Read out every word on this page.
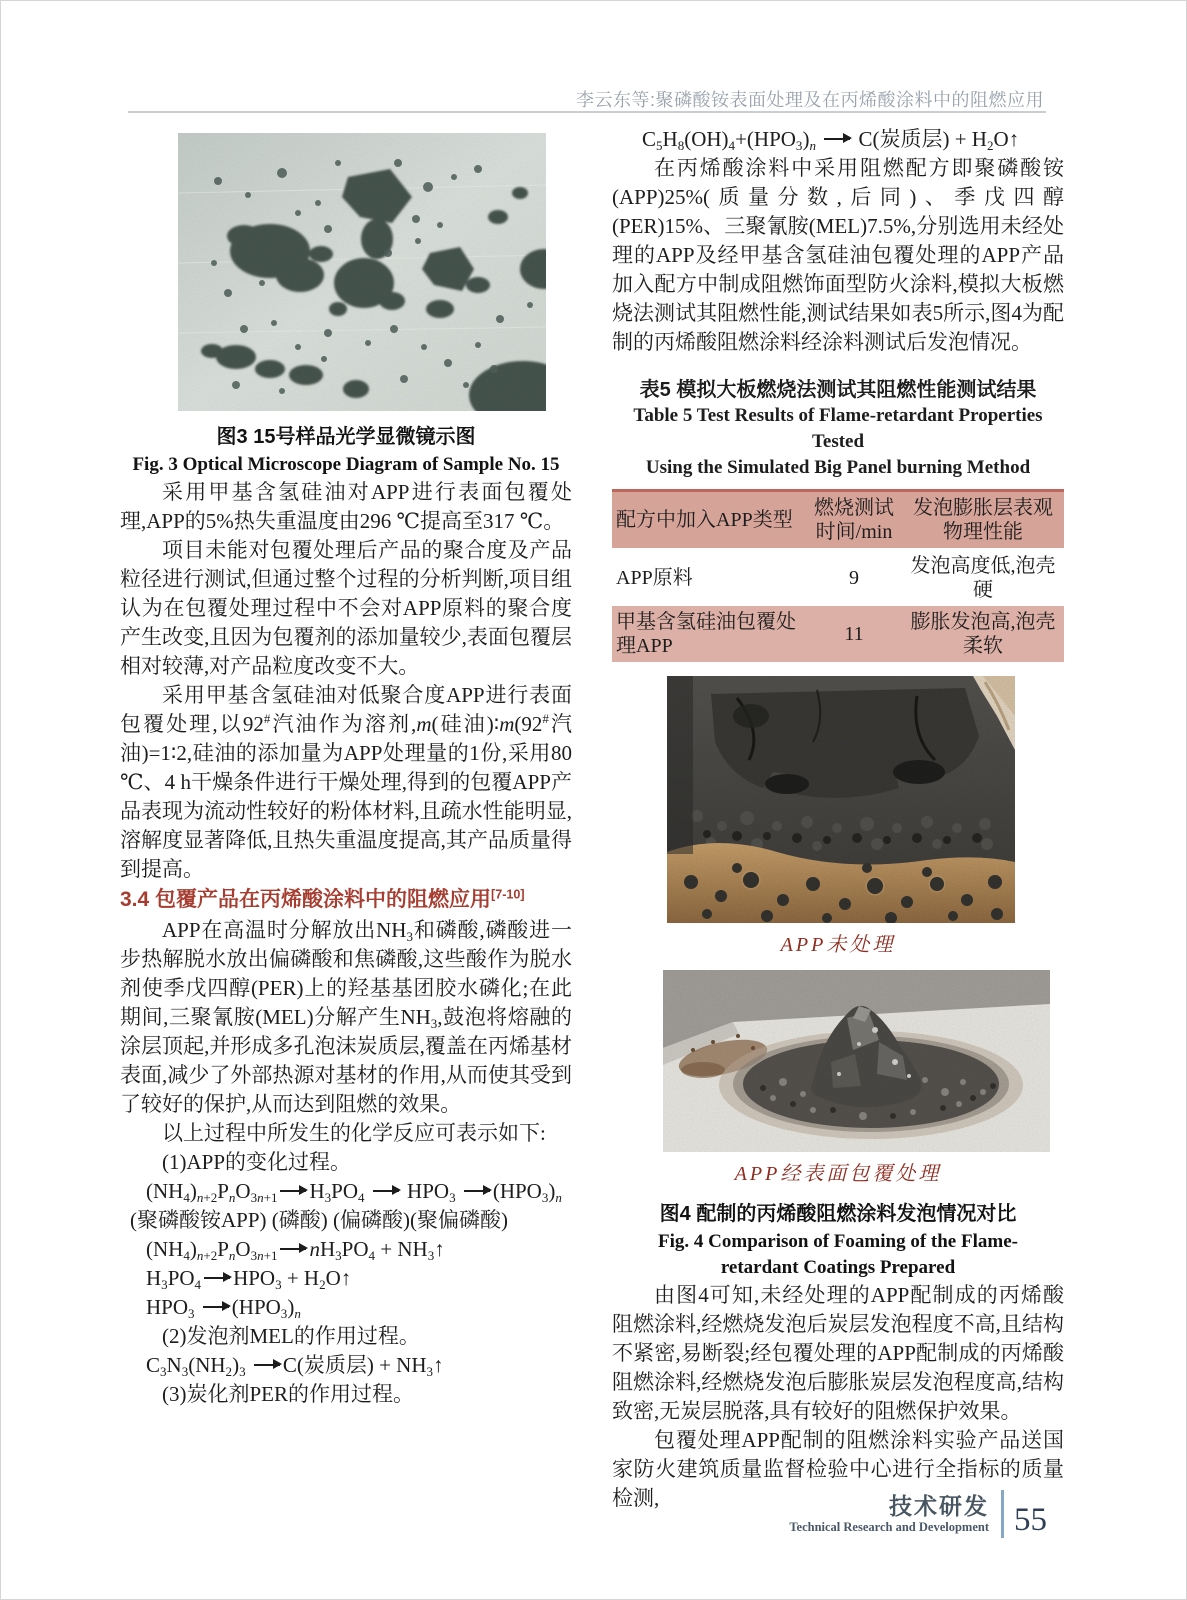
李云东等:聚磷酸铵表面处理及在丙烯酸涂料中的阻燃应用
图3 15号样品光学显微镜示图
Fig. 3 Optical Microscope Diagram of Sample No. 15

采用甲基含氢硅油对APP进行表面包覆处理,APP的5%热失重温度由296 ℃提高至317 ℃。

项目未能对包覆处理后产品的聚合度及产品粒径进行测试,但通过整个过程的分析判断,项目组认为在包覆处理过程中不会对APP原料的聚合度产生改变,且因为包覆剂的添加量较少,表面包覆层相对较薄,对产品粒度改变不大。

采用甲基含氢硅油对低聚合度APP进行表面包覆处理,以92#汽油作为溶剂,m(硅油)∶m(92#汽油)=1∶2,硅油的添加量为APP处理量的1份,采用80 ℃、4 h干燥条件进行干燥处理,得到的包覆APP产品表现为流动性较好的粉体材料,且疏水性能明显,溶解度显著降低,且热失重温度提高,其产品质量得到提高。

3.4 包覆产品在丙烯酸涂料中的阻燃应用[7-10]

APP在高温时分解放出$NH_3$和磷酸,磷酸进一步热解脱水放出偏磷酸和焦磷酸,这些酸作为脱水剂使季戊四醇(PER)上的羟基基团胶水磷化;在此期间,三聚氰胺(MEL)分解产生$NH_3$,鼓泡将熔融的涂层顶起,并形成多孔泡沫炭质层,覆盖在丙烯基材表面,减少了外部热源对基材的作用,从而使其受到了较好的保护,从而达到阻燃的效果。

以上过程中所发生的化学反应可表示如下:

(1)APP的变化过程。

$(NH_4)_{n+2}P_nO_{3n+1}$ $H_3PO_4$  $HPO_3$ $(HPO_3)_n$

(聚磷酸铵APP) (磷酸) (偏磷酸)(聚偏磷酸)

$(NH_4)_{n+2}P_nO_{3n+1}$ $nH_3PO_4$ + $NH_3↑$

$H_3PO_4$ $HPO_3$ + $H_2O↑$

$HPO_3$ $(HPO_3)_n$

(2)发泡剂MEL的作用过程。

$C_3N_3(NH_2)_3$ C(炭质层) + $NH_3↑$

(3)炭化剂PER的作用过程。

$C_5H_8(OH)_4+(HPO_3)_n$  C(炭质层) + $H_2O↑$

在丙烯酸涂料中采用阻燃配方即聚磷酸铵(APP)25%(质量分数,后同)、季戊四醇(PER)15%、三聚氰胺(MEL)7.5%,分别选用未经处理的APP及经甲基含氢硅油包覆处理的APP产品加入配方中制成阻燃饰面型防火涂料,模拟大板燃烧法测试其阻燃性能,测试结果如表5所示,图4为配制的丙烯酸阻燃涂料经涂料测试后发泡情况。

表5 模拟大板燃烧法测试其阻燃性能测试结果
Table 5 Test Results of Flame-retardant Properties Tested
Using the Simulated Big Panel burning Method
配方中加入APP类型	燃烧测试时间/min	发泡膨胀层表观物理性能
APP原料	9	发泡高度低,泡壳硬
甲基含氢硅油包覆处理APP	11	膨胀发泡高,泡壳柔软
APP未处理
APP经表面包覆处理
图4 配制的丙烯酸阻燃涂料发泡情况对比
Fig. 4 Comparison of Foaming of the Flame-retardant Coatings Prepared

由图4可知,未经处理的APP配制成的丙烯酸阻燃涂料,经燃烧发泡后炭层发泡程度不高,且结构不紧密,易断裂;经包覆处理的APP配制成的丙烯酸阻燃涂料,经燃烧发泡后膨胀炭层发泡程度高,结构致密,无炭层脱落,具有较好的阻燃保护效果。

包覆处理APP配制的阻燃涂料实验产品送国家防火建筑质量监督检验中心进行全指标的质量检测,	技术研发
Technical Research and Development 55
